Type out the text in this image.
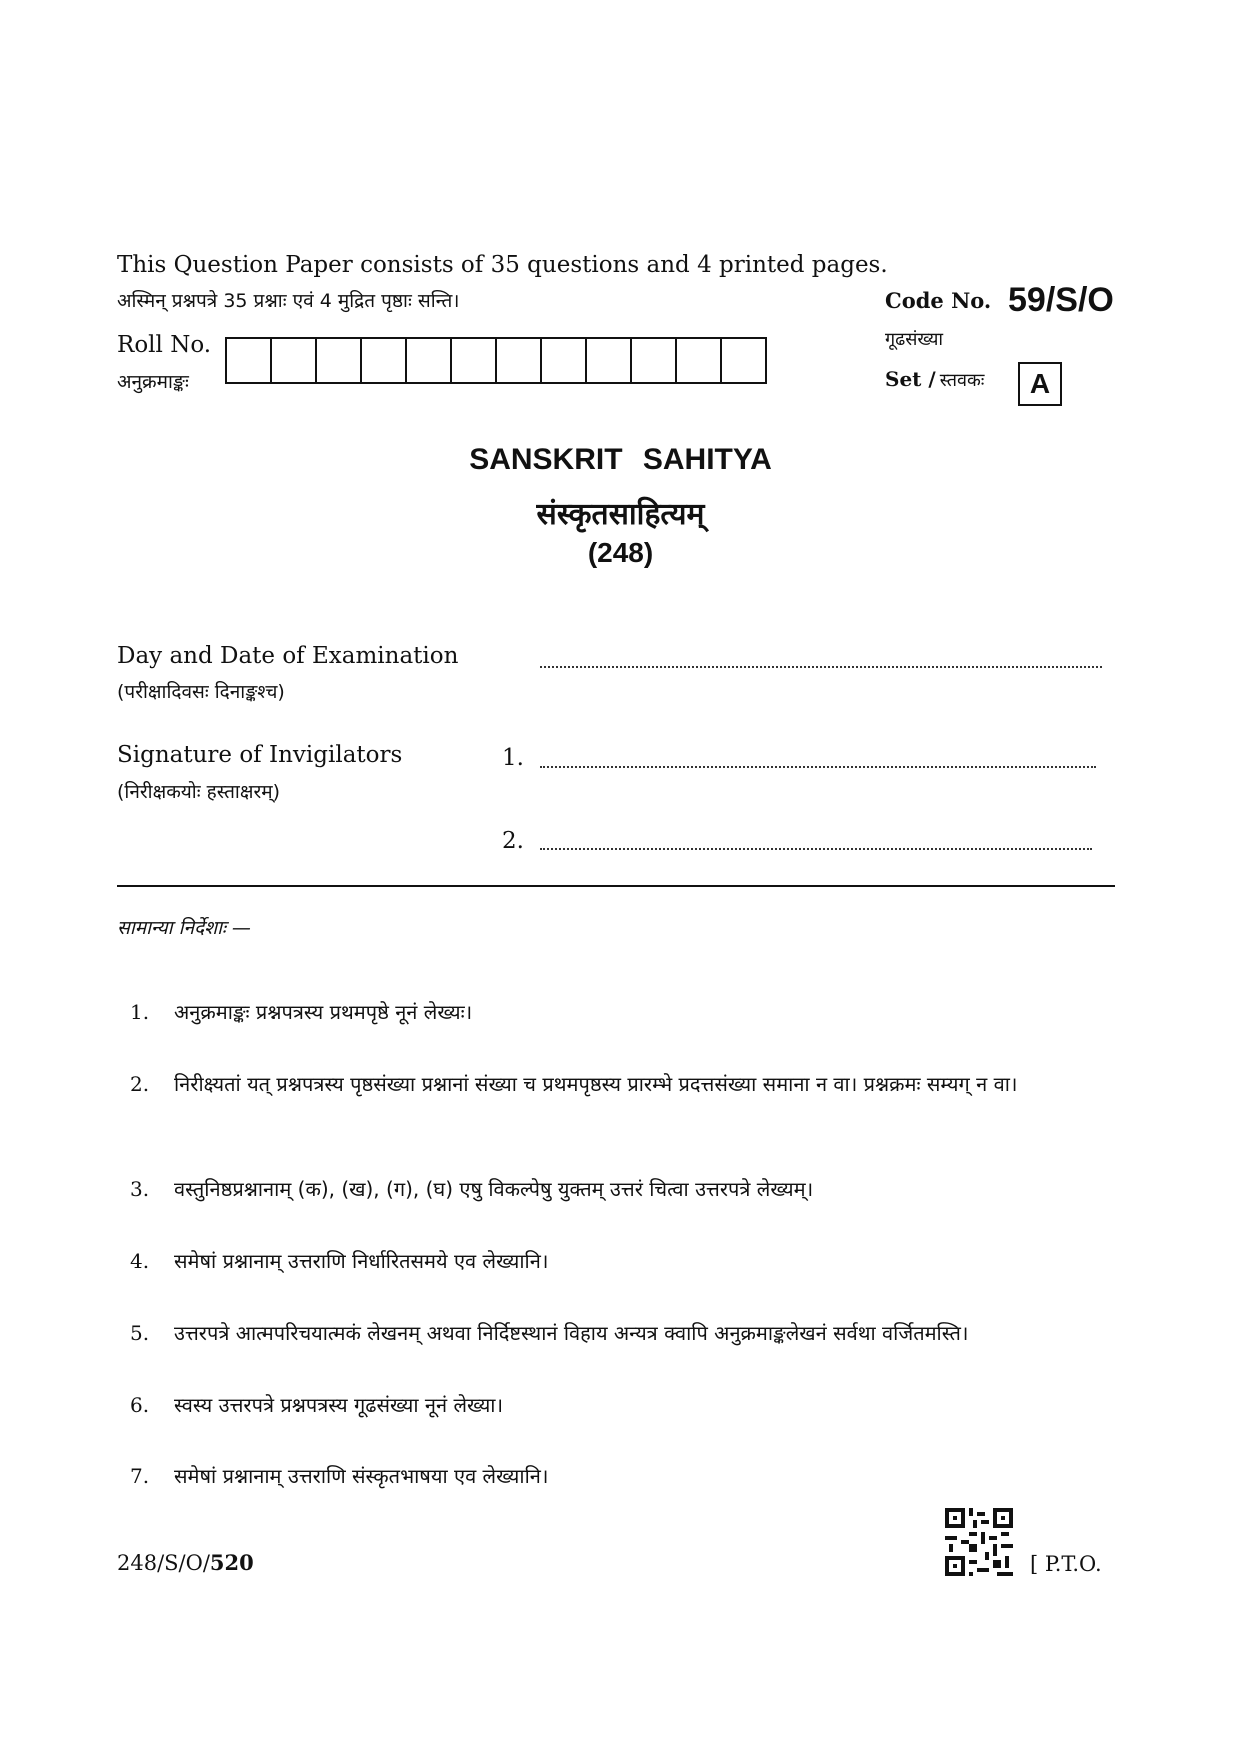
This Question Paper consists of 35 questions and 4 printed pages.
अस्मिन् प्रश्नपत्रे 35 प्रश्नाः एवं 4 मुद्रित पृष्ठाः सन्ति।
Roll No.
अनुक्रमाङ्कः
Code No. 59/S/O
गूढसंख्या
Set / स्तवकः	A
SANSKRIT SAHITYA
संस्कृतसाहित्यम्
(248)
Day and Date of Examination
(परीक्षादिवसः दिनाङ्कश्च)
Signature of Invigilators
(निरीक्षकयोः हस्ताक्षरम्)
1.
2.
सामान्या निर्देशाः —
1.	अनुक्रमाङ्कः प्रश्नपत्रस्य प्रथमपृष्ठे नूनं लेख्यः।
2.	निरीक्ष्यतां यत् प्रश्नपत्रस्य पृष्ठसंख्या प्रश्नानां संख्या च प्रथमपृष्ठस्य प्रारम्भे प्रदत्तसंख्या समाना न वा। प्रश्नक्रमः सम्यग् न वा।
3.	वस्तुनिष्ठप्रश्नानाम् (क), (ख), (ग), (घ) एषु विकल्पेषु युक्तम् उत्तरं चित्वा उत्तरपत्रे लेख्यम्।
4.	समेषां प्रश्नानाम् उत्तराणि निर्धारितसमये एव लेख्यानि।
5.	उत्तरपत्रे आत्मपरिचयात्मकं लेखनम् अथवा निर्दिष्टस्थानं विहाय अन्यत्र क्वापि अनुक्रमाङ्कलेखनं सर्वथा वर्जितमस्ति।
6.	स्वस्य उत्तरपत्रे प्रश्नपत्रस्य गूढसंख्या नूनं लेख्या।
7.	समेषां प्रश्नानाम् उत्तराणि संस्कृतभाषया एव लेख्यानि।
248/S/O/520	[ P.T.O.
